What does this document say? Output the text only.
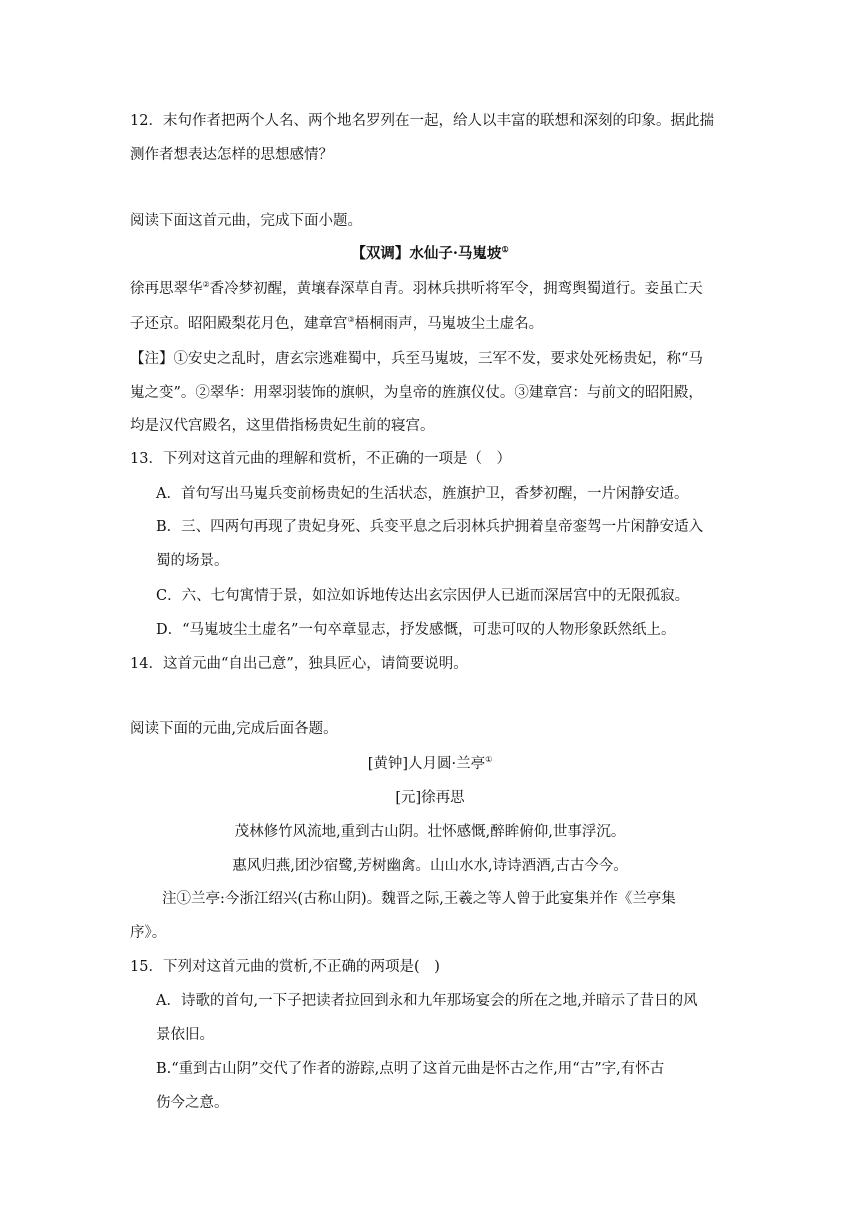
12．末句作者把两个人名、两个地名罗列在一起，给人以丰富的联想和深刻的印象。据此揣
测作者想表达怎样的思想感情？
阅读下面这首元曲，完成下面小题。
【双调】水仙子·马嵬坡①
徐再思翠华②香冷梦初醒，黄壤春深草自青。羽林兵拱听将军令，拥鸾舆蜀道行。妾虽亡天
子还京。昭阳殿梨花月色，建章宫③梧桐雨声，马嵬坡尘土虚名。
【注】①安史之乱时，唐玄宗逃难蜀中，兵至马嵬坡，三军不发，要求处死杨贵妃，称“马
嵬之变”。②翠华：用翠羽装饰的旗帜，为皇帝的旌旗仪仗。③建章宫：与前文的昭阳殿，
均是汉代宫殿名，这里借指杨贵妃生前的寝宫。
13．下列对这首元曲的理解和赏析，不正确的一项是（　）
A．首句写出马嵬兵变前杨贵妃的生活状态，旌旗护卫，香梦初醒，一片闲静安适。
B．三、四两句再现了贵妃身死、兵变平息之后羽林兵护拥着皇帝銮驾一片闲静安适入
蜀的场景。
C．六、七句寓情于景，如泣如诉地传达出玄宗因伊人已逝而深居宫中的无限孤寂。
D．“马嵬坡尘土虚名”一句卒章显志，抒发感慨，可悲可叹的人物形象跃然纸上。
14．这首元曲“自出己意”，独具匠心，请简要说明。
阅读下面的元曲,完成后面各题。
[黄钟]人月圆·兰亭①
[元]徐再思
茂林修竹风流地,重到古山阴。壮怀感慨,醉眸俯仰,世事浮沉。
惠风归燕,团沙宿鹭,芳树幽禽。山山水水,诗诗酒酒,古古今今。
注①兰亭:今浙江绍兴(古称山阴)。魏晋之际,王羲之等人曾于此宴集并作《兰亭集
序》。
15．下列对这首元曲的赏析,不正确的两项是(　)
A．诗歌的首句,一下子把读者拉回到永和九年那场宴会的所在之地,并暗示了昔日的风
景依旧。
B.“重到古山阴”交代了作者的游踪,点明了这首元曲是怀古之作,用“古”字,有怀古
伤今之意。
